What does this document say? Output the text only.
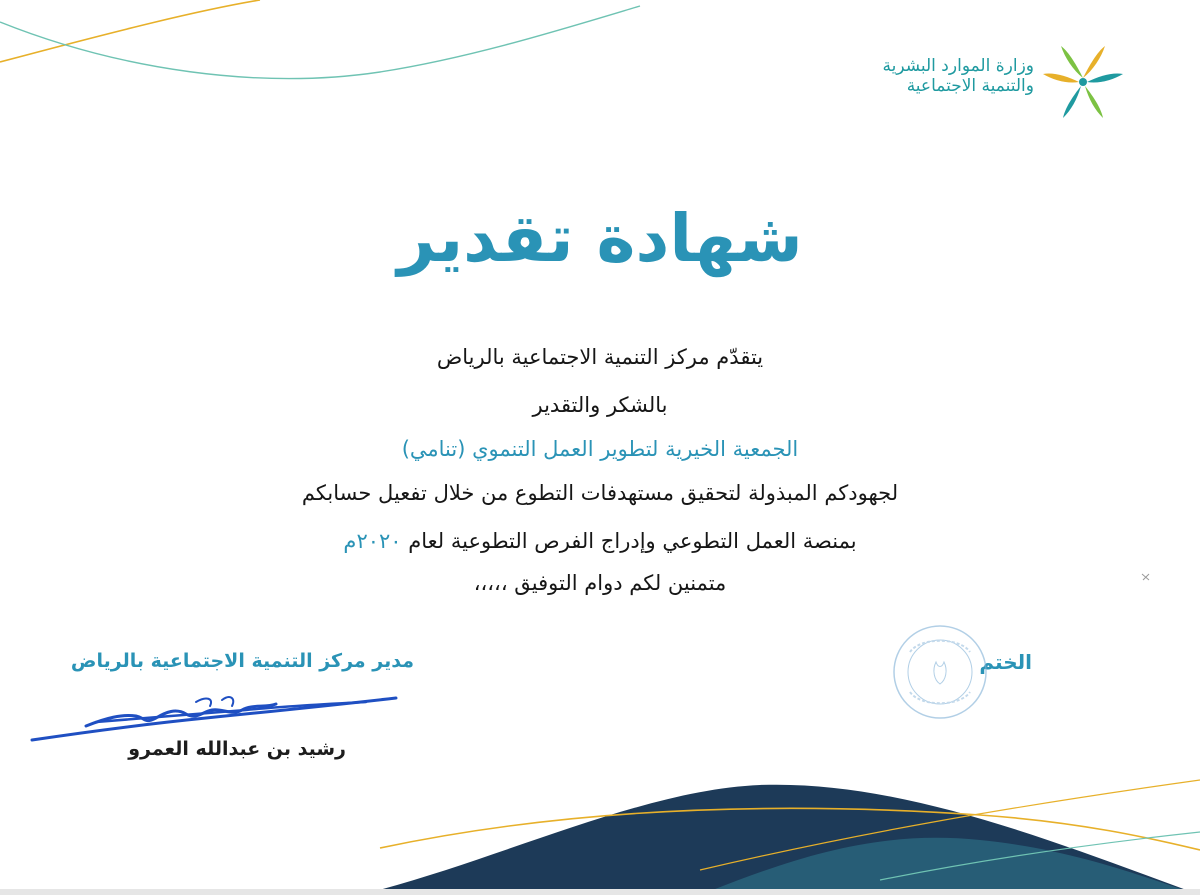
وزارة الموارد البشرية
والتنمية الاجتماعية
شهادة تقدير
يتقدّم مركز التنمية الاجتماعية بالرياض
بالشكر والتقدير
الجمعية الخيرية لتطوير العمل التنموي (تنامي)
لجهودكم المبذولة لتحقيق مستهدفات التطوع من خلال تفعيل حسابكم
بمنصة العمل التطوعي وإدراج الفرص التطوعية لعام ٢٠٢٠م
متمنين لكم دوام التوفيق ،،،،،
الختم
مدير مركز التنمية الاجتماعية بالرياض
رشيد بن عبدالله العمرو
